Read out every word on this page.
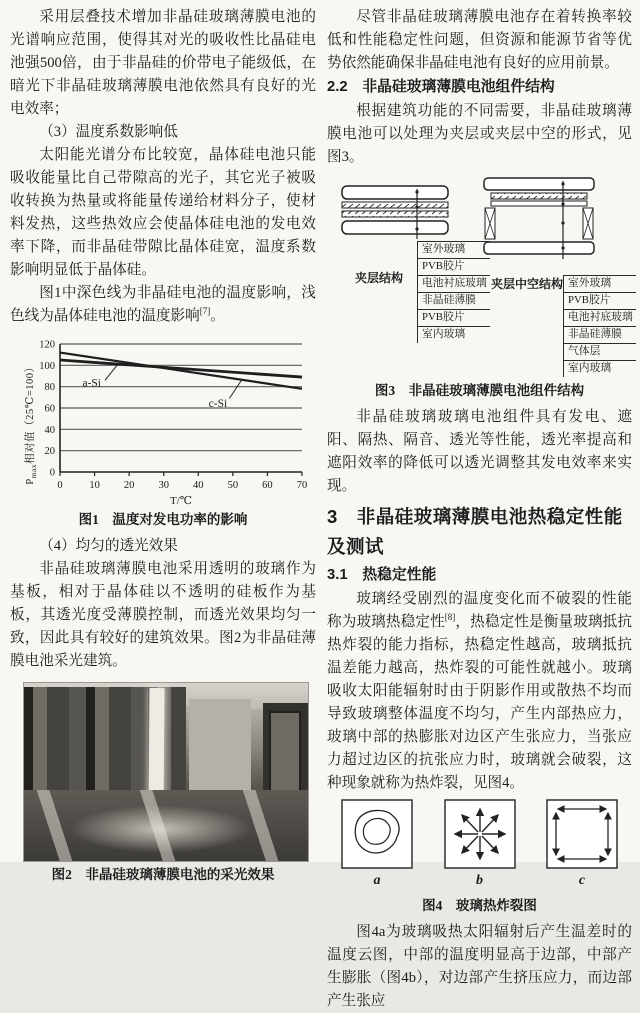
采用层叠技术增加非晶硅玻璃薄膜电池的光谱响应范围，使得其对光的吸收性比晶硅电池强500倍，由于非晶硅的价带电子能级低，在暗光下非晶硅玻璃薄膜电池依然具有良好的光电效率；

（3）温度系数影响低

太阳能光谱分布比较宽，晶体硅电池只能吸收能量比自己带隙高的光子，其它光子被吸收转换为热量或将能量传递给材料分子，使材料发热，这些热效应会使晶体硅电池的发电效率下降，而非晶硅带隙比晶体硅宽，温度系数影响明显低于晶体硅。

图1中深色线为非晶硅电池的温度影响，浅色线为晶体硅电池的温度影响[7]。

$P_{max}$相对值（25℃=100）
0
20
40
60
80
100
120
0	10 20 30 40 50 60 70
a-Si
c-Si
T/℃
图1　温度对发电功率的影响

（4）均匀的透光效果

非晶硅玻璃薄膜电池采用透明的玻璃作为基板，相对于晶体硅以不透明的硅板作为基板，其透光度受薄膜控制，而透光效果均匀一致，因此具有较好的建筑效果。图2为非晶硅薄膜电池采光建筑。

图2　非晶硅玻璃薄膜电池的采光效果

尽管非晶硅玻璃薄膜电池存在着转换率较低和性能稳定性问题，但资源和能源节省等优势依然能确保非晶硅电池有良好的应用前景。

2.2　非晶硅玻璃薄膜电池组件结构

根据建筑功能的不同需要，非晶硅玻璃薄膜电池可以处理为夹层或夹层中空的形式，见图3。

夹层结构
室外玻璃
PVB胶片
电池衬底玻璃
非晶硅薄膜
PVB胶片
室内玻璃
夹层中空结构 室外玻璃
PVB胶片
电池衬底玻璃
非晶硅薄膜
气体层
室内玻璃
图3　非晶硅玻璃薄膜电池组件结构

非晶硅玻璃玻璃电池组件具有发电、遮阳、隔热、隔音、透光等性能，透光率提高和遮阳效率的降低可以透光调整其发电效率来实现。

3　非晶硅玻璃薄膜电池热稳定性能及测试
3.1　热稳定性能

玻璃经受剧烈的温度变化而不破裂的性能称为玻璃热稳定性[8]，热稳定性是衡量玻璃抵抗热炸裂的能力指标，热稳定性越高，玻璃抵抗温差能力越高，热炸裂的可能性就越小。玻璃吸收太阳能辐射时由于阴影作用或散热不均而导致玻璃整体温度不均匀，产生内部热应力，玻璃中部的热膨胀对边区产生张应力，当张应力超过边区的抗张应力时，玻璃就会破裂，这种现象就称为热炸裂，见图4。

a	b	c
图4　玻璃热炸裂图

图4a为玻璃吸热太阳辐射后产生温差时的温度云图，中部的温度明显高于边部，中部产生膨胀（图4b），对边部产生挤压应力，而边部产生张应
